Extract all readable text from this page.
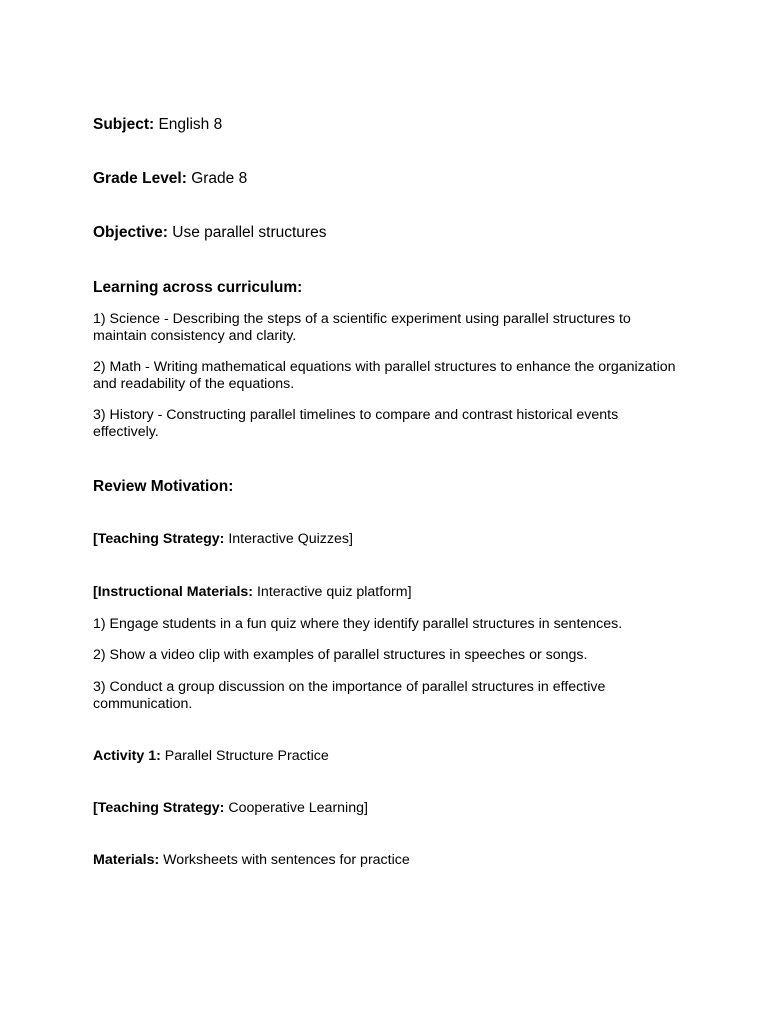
Subject: English 8
Grade Level: Grade 8
Objective: Use parallel structures
Learning across curriculum:
1) Science - Describing the steps of a scientific experiment using parallel structures to maintain consistency and clarity.
2) Math - Writing mathematical equations with parallel structures to enhance the organization and readability of the equations.
3) History - Constructing parallel timelines to compare and contrast historical events effectively.
Review Motivation:
[Teaching Strategy: Interactive Quizzes]
[Instructional Materials: Interactive quiz platform]
1) Engage students in a fun quiz where they identify parallel structures in sentences.
2) Show a video clip with examples of parallel structures in speeches or songs.
3) Conduct a group discussion on the importance of parallel structures in effective communication.
Activity 1: Parallel Structure Practice
[Teaching Strategy: Cooperative Learning]
Materials: Worksheets with sentences for practice
